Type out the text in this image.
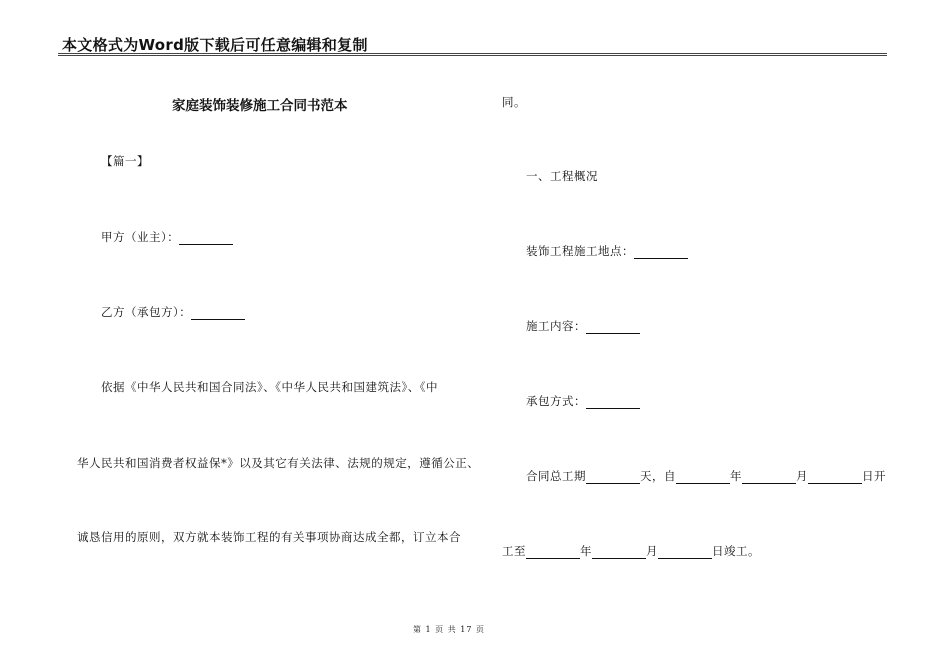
本文格式为Word版下载后可任意编辑和复制
家庭装饰装修施工合同书范本
【篇一】
甲方（业主）：
乙方（承包方）：
依据《中华人民共和国合同法》、《中华人民共和国建筑法》、《中
华人民共和国消费者权益保*》以及其它有关法律、法规的规定，遵循公正、
诚恳信用的原则，双方就本装饰工程的有关事项协商达成全都，订立本合
同。
一、工程概况
装饰工程施工地点：
施工内容：
承包方式：
合同总工期	天，自	年	月	日开
工至	年	月	日竣工。
第 1 页 共 17 页
